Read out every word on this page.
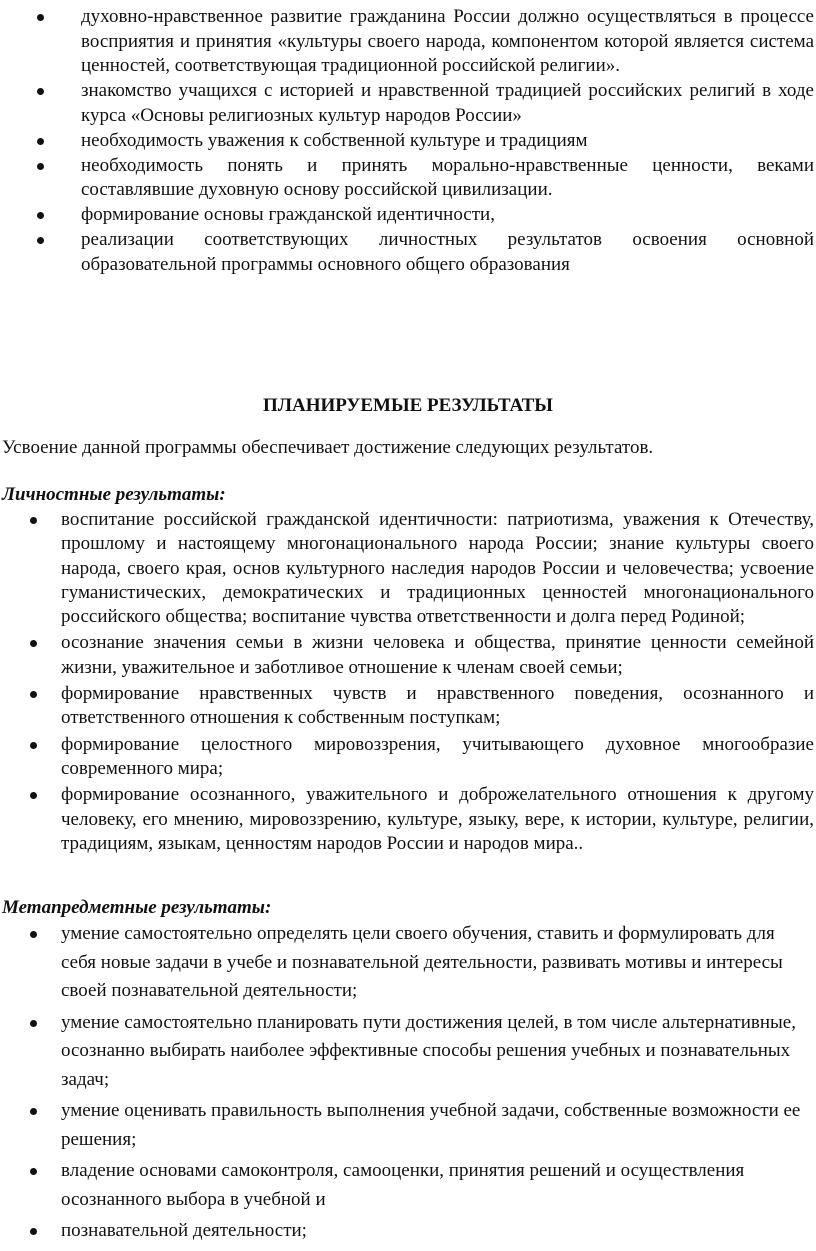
духовно-нравственное развитие гражданина России должно осуществляться в процессе восприятия и принятия «культуры своего народа, компонентом которой является система ценностей, соответствующая традиционной российской религии».
знакомство учащихся с историей и нравственной традицией российских религий в ходе курса «Основы религиозных культур народов России»
необходимость уважения к собственной культуре и традициям
необходимость понять и принять морально-нравственные ценности, веками составлявшие духовную основу российской цивилизации.
формирование основы гражданской идентичности,
реализации соответствующих личностных результатов освоения основной образовательной программы основного общего образования
ПЛАНИРУЕМЫЕ РЕЗУЛЬТАТЫ
Усвоение данной программы обеспечивает достижение следующих результатов.
Личностные результаты:
воспитание российской гражданской идентичности: патриотизма, уважения к Отечеству, прошлому и настоящему многонационального народа России; знание культуры своего народа, своего края, основ культурного наследия народов России и человечества; усвоение гуманистических, демократических и традиционных ценностей многонационального российского общества; воспитание чувства ответственности и долга перед Родиной;
осознание значения семьи в жизни человека и общества, принятие ценности семейной жизни, уважительное и заботливое отношение к членам своей семьи;
формирование нравственных чувств и нравственного поведения, осознанного и ответственного отношения к собственным поступкам;
формирование целостного мировоззрения, учитывающего духовное многообразие современного мира;
формирование осознанного, уважительного и доброжелательного отношения к другому человеку, его мнению, мировоззрению, культуре, языку, вере, к истории, культуре, религии, традициям, языкам, ценностям народов России и народов мира..
Метапредметные результаты:
умение самостоятельно определять цели своего обучения, ставить и формулировать для себя новые задачи в учебе и познавательной деятельности, развивать мотивы и интересы своей познавательной деятельности;
умение самостоятельно планировать пути достижения целей, в том числе альтернативные, осознанно выбирать наиболее эффективные способы решения учебных и познавательных задач;
умение оценивать правильность выполнения учебной задачи, собственные возможности ее решения;
владение основами самоконтроля, самооценки, принятия решений и осуществления осознанного выбора в учебной и
познавательной деятельности;
